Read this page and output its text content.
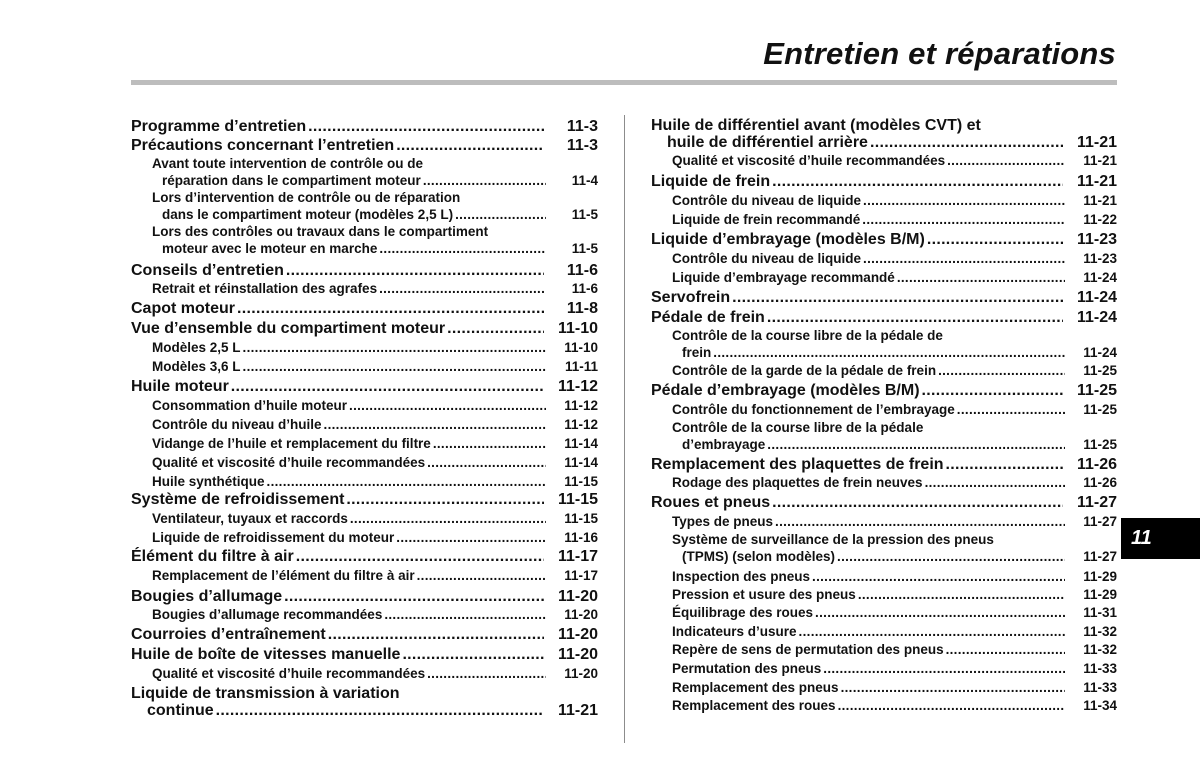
Entretien et réparations
11
Programme d’entretien .....	11-3
Précautions concernant l’entretien .....	11-3
Avant toute intervention de contrôle ou de
réparation dans le compartiment moteur .....	11-4
Lors d’intervention de contrôle ou de réparation
dans le compartiment moteur (modèles 2,5 L) .....	11-5
Lors des contrôles ou travaux dans le compartiment
moteur avec le moteur en marche .....	11-5
Conseils d’entretien .....	11-6
Retrait et réinstallation des agrafes .....	11-6
Capot moteur .....	11-8
Vue d’ensemble du compartiment moteur .....	11-10
Modèles 2,5 L .....	11-10
Modèles 3,6 L .....	11-11
Huile moteur .....	11-12
Consommation d’huile moteur .....	11-12
Contrôle du niveau d’huile .....	11-12
Vidange de l’huile et remplacement du filtre .....	11-14
Qualité et viscosité d’huile recommandées .....	11-14
Huile synthétique .....	11-15
Système de refroidissement .....	11-15
Ventilateur, tuyaux et raccords .....	11-15
Liquide de refroidissement du moteur .....	11-16
Élément du filtre à air .....	11-17
Remplacement de l’élément du filtre à air .....	11-17
Bougies d’allumage .....	11-20
Bougies d’allumage recommandées .....	11-20
Courroies d’entraînement .....	11-20
Huile de boîte de vitesses manuelle .....	11-20
Qualité et viscosité d’huile recommandées .....	11-20
Liquide de transmission à variation
continue .....	11-21
Huile de différentiel avant (modèles CVT) et
huile de différentiel arrière .....	11-21
Qualité et viscosité d’huile recommandées .....	11-21
Liquide de frein .....	11-21
Contrôle du niveau de liquide .....	11-21
Liquide de frein recommandé .....	11-22
Liquide d’embrayage (modèles B/M) .....	11-23
Contrôle du niveau de liquide .....	11-23
Liquide d’embrayage recommandé .....	11-24
Servofrein .....	11-24
Pédale de frein .....	11-24
Contrôle de la course libre de la pédale de
frein .....	11-24
Contrôle de la garde de la pédale de frein .....	11-25
Pédale d’embrayage (modèles B/M) .....	11-25
Contrôle du fonctionnement de l’embrayage .....	11-25
Contrôle de la course libre de la pédale
d’embrayage .....	11-25
Remplacement des plaquettes de frein .....	11-26
Rodage des plaquettes de frein neuves .....	11-26
Roues et pneus .....	11-27
Types de pneus .....	11-27
Système de surveillance de la pression des pneus
(TPMS) (selon modèles) .....	11-27
Inspection des pneus .....	11-29
Pression et usure des pneus .....	11-29
Équilibrage des roues .....	11-31
Indicateurs d’usure .....	11-32
Repère de sens de permutation des pneus .....	11-32
Permutation des pneus .....	11-33
Remplacement des pneus .....	11-33
Remplacement des roues .....	11-34
